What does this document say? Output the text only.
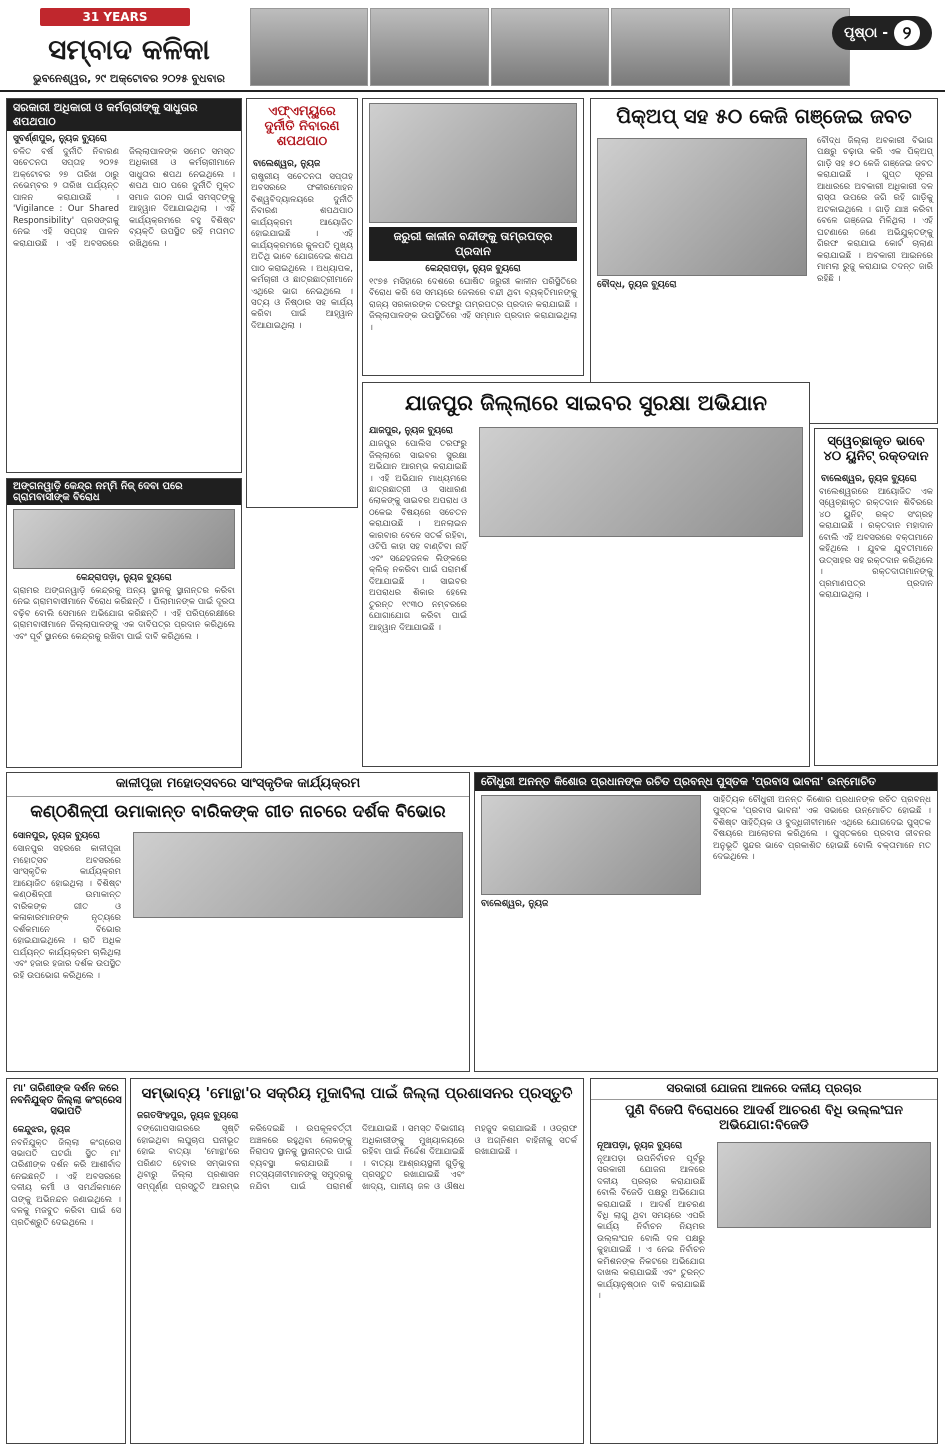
31 YEARS
ସମ୍ବାଦ କଳିକା
ଭୁବନେଶ୍ୱର, ୨୯ ଅକ୍ଟୋବର ୨୦୨୫ ବୁଧବାର
ପୃଷ୍ଠା - ୨
ସରକାରୀ ଅଧିକାରୀ ଓ କର୍ମଚାରୀଙ୍କୁ ସାଧୁତାର ଶପଥପାଠ
ସୁବର୍ଣ୍ଣପୁର, ନ୍ୟୁଜ ବ୍ୟୁରୋ
ଚଳିତ ବର୍ଷ ଦୁର୍ନୀତି ନିବାରଣ ସଚେତନତା ସପ୍ତାହ ୨୦୨୫ ଅକ୍ଟୋବର ୨୭ ତାରିଖ ଠାରୁ ନଭେମ୍ବର ୨ ତାରିଖ ପର୍ଯ୍ୟନ୍ତ ପାଳନ କରାଯାଉଛି । 'Vigilance : Our Shared Responsibility' ପ୍ରସଙ୍ଗକୁ ନେଇ ଏହି ସପ୍ତାହ ପାଳନ କରାଯାଉଛି । ଏହି ଅବସରରେ ଜିଲ୍ଲାପାଳଙ୍କ ସମେତ ସମସ୍ତ ଅଧିକାରୀ ଓ କର୍ମଚାରୀମାନେ ସାଧୁତାର ଶପଥ ନେଇଥିଲେ । ଶପଥ ପାଠ ପରେ ଦୁର୍ନୀତି ମୁକ୍ତ ସମାଜ ଗଠନ ପାଇଁ ସମସ୍ତଙ୍କୁ ଆହ୍ୱାନ ଦିଆଯାଇଥିଲା । ଏହି କାର୍ଯ୍ୟକ୍ରମରେ ବହୁ ବିଶିଷ୍ଟ ବ୍ୟକ୍ତି ଉପସ୍ଥିତ ରହି ମତାମତ ରଖିଥିଲେ ।
ଏଫ୍‌ଏମ୍‌ୟୁରେ ଦୁର୍ନୀତି ନିବାରଣ ଶପଥପାଠ
ବାଲେଶ୍ୱର, ନ୍ୟୁଜ
ରାଷ୍ଟ୍ରୀୟ ସଚେତନତା ସପ୍ତାହ ଅବସରରେ ଫକୀରମୋହନ ବିଶ୍ୱବିଦ୍ୟାଳୟରେ ଦୁର୍ନୀତି ନିବାରଣ ଶପଥପାଠ କାର୍ଯ୍ୟକ୍ରମ ଆୟୋଜିତ ହୋଇଯାଇଛି । ଏହି କାର୍ଯ୍ୟକ୍ରମରେ କୁଳପତି ମୁଖ୍ୟ ଅତିଥି ଭାବେ ଯୋଗଦେଇ ଶପଥ ପାଠ କରାଇଥିଲେ । ଅଧ୍ୟାପକ, କର୍ମଚାରୀ ଓ ଛାତ୍ରଛାତ୍ରୀମାନେ ଏଥିରେ ଭାଗ ନେଇଥିଲେ । ସତ୍ୟ ଓ ନିଷ୍ଠାର ସହ କାର୍ଯ୍ୟ କରିବା ପାଇଁ ଆହ୍ୱାନ ଦିଆଯାଇଥିଲା ।
ଜରୁରୀ କାଳୀନ ବନ୍ଦୀଙ୍କୁ ତାମ୍ରପତ୍ର ପ୍ରଦାନ
କେନ୍ଦ୍ରାପଡ଼ା, ନ୍ୟୁଜ ବ୍ୟୁରୋ
୧୯୭୫ ମସିହାରେ ଦେଶରେ ଘୋଷିତ ଜରୁରୀ କାଳୀନ ପରିସ୍ଥିତିରେ ବିରୋଧ କରି ସେ ସମୟରେ ଜେଲରେ ବନ୍ଦୀ ଥିବା ବ୍ୟକ୍ତିମାନଙ୍କୁ ରାଜ୍ୟ ସରକାରଙ୍କ ତରଫରୁ ତାମ୍ରପତ୍ର ପ୍ରଦାନ କରାଯାଇଛି । ଜିଲ୍ଲାପାଳଙ୍କ ଉପସ୍ଥିତିରେ ଏହି ସମ୍ମାନ ପ୍ରଦାନ କରାଯାଇଥିଲା ।
ପିକ୍‌ଅପ୍ ସହ ୫୦ କେଜି ଗଞ୍ଜେଇ ଜବତ
ବୌଦ୍ଧ, ନ୍ୟୁଜ ବ୍ୟୁରୋ
ବୌଦ୍ଧ ଜିଲ୍ଲା ଅବକାରୀ ବିଭାଗ ପକ୍ଷରୁ ଚଢ଼ାଉ କରି ଏକ ପିକ୍‌ଅପ୍ ଗାଡ଼ି ସହ ୫୦ କେଜି ଗଞ୍ଜେଇ ଜବତ କରାଯାଇଛି । ଗୁପ୍ତ ସୂଚନା ଆଧାରରେ ଅବକାରୀ ଅଧିକାରୀ ଦଳ ରାସ୍ତା ଉପରେ ଜଗି ରହି ଗାଡ଼ିକୁ ଅଟକାଇଥିଲେ । ଗାଡ଼ି ଯାଞ୍ଚ କରିବା ବେଳେ ଗଞ୍ଜେଇ ମିଳିଥିଲା । ଏହି ଘଟଣାରେ ଜଣେ ଅଭିଯୁକ୍ତଙ୍କୁ ଗିରଫ କରାଯାଇ କୋର୍ଟ ଚାଲାଣ କରାଯାଇଛି । ଅବକାରୀ ଆଇନରେ ମାମଲା ରୁଜୁ କରାଯାଇ ତଦନ୍ତ ଜାରି ରହିଛି ।
ଅଙ୍ଗନୱାଡ଼ି କେନ୍ଦ୍ର ନମ୍ମି ନିଜ୍ ଦେବା ପରେ ଗ୍ରାମବାସୀଙ୍କ ବିରୋଧ
କେନ୍ଦ୍ରାପଡ଼ା, ନ୍ୟୁଜ ବ୍ୟୁରୋ
ଗ୍ରାମର ଅଙ୍ଗନୱାଡ଼ି କେନ୍ଦ୍ରକୁ ଅନ୍ୟ ସ୍ଥାନକୁ ସ୍ଥାନାନ୍ତର କରିବା ନେଇ ଗ୍ରାମବାସୀମାନେ ବିରୋଧ କରିଛନ୍ତି । ପିଲାମାନଙ୍କ ପାଇଁ ଦୂରତା ବଢ଼ିବ ବୋଲି ସେମାନେ ଅଭିଯୋଗ କରିଛନ୍ତି । ଏହି ପରିପ୍ରେକ୍ଷୀରେ ଗ୍ରାମବାସୀମାନେ ଜିଲ୍ଲାପାଳଙ୍କୁ ଏକ ଦାବିପତ୍ର ପ୍ରଦାନ କରିଥିଲେ ଏବଂ ପୂର୍ବ ସ୍ଥାନରେ କେନ୍ଦ୍ରକୁ ରଖିବା ପାଇଁ ଦାବି କରିଥିଲେ ।
ଯାଜପୁର ଜିଲ୍ଲାରେ ସାଇବର ସୁରକ୍ଷା ଅଭିଯାନ
ଯାଜପୁର, ନ୍ୟୁଜ ବ୍ୟୁରୋ
ଯାଜପୁର ପୋଲିସ ତରଫରୁ ଜିଲ୍ଲାରେ ସାଇବର ସୁରକ୍ଷା ଅଭିଯାନ ଆରମ୍ଭ କରାଯାଇଛି । ଏହି ଅଭିଯାନ ମାଧ୍ୟମରେ ଛାତ୍ରଛାତ୍ରୀ ଓ ସାଧାରଣ ଲୋକଙ୍କୁ ସାଇବର ଅପରାଧ ଓ ଠକେଇ ବିଷୟରେ ସଚେତନ କରାଯାଉଛି । ଅନଲାଇନ କାରବାର ବେଳେ ସତର୍କ ରହିବା, ଓଟିପି କାହା ସହ ବାଣ୍ଟିବା ନାହିଁ ଏବଂ ସନ୍ଦେହଜନକ ଲିଙ୍କରେ କ୍ଲିକ୍ ନକରିବା ପାଇଁ ପରାମର୍ଶ ଦିଆଯାଇଛି । ସାଇବର ଅପରାଧର ଶିକାର ହେଲେ ତୁରନ୍ତ ୧୯୩୦ ନମ୍ବରରେ ଯୋଗାଯୋଗ କରିବା ପାଇଁ ଆହ୍ୱାନ ଦିଆଯାଇଛି ।
ସ୍ୱେଚ୍ଛାକୃତ ଭାବେ ୪୦ ୟୁନିଟ୍ ରକ୍ତଦାନ
ବାଲେଶ୍ୱର, ନ୍ୟୁଜ ବ୍ୟୁରୋ
ବାଲେଶ୍ୱରରେ ଆୟୋଜିତ ଏକ ସ୍ୱେଚ୍ଛାକୃତ ରକ୍ତଦାନ ଶିବିରରେ ୪୦ ୟୁନିଟ୍ ରକ୍ତ ସଂଗ୍ରହ କରାଯାଇଛି । ରକ୍ତଦାନ ମହାଦାନ ବୋଲି ଏହି ଅବସରରେ ବକ୍ତାମାନେ କହିଥିଲେ । ଯୁବକ ଯୁବତୀମାନେ ଉତ୍ସାହର ସହ ରକ୍ତଦାନ କରିଥିଲେ । ରକ୍ତଦାତାମାନଙ୍କୁ ପ୍ରମାଣପତ୍ର ପ୍ରଦାନ କରାଯାଇଥିଲା ।
କାଳୀପୂଜା ମହୋତ୍ସବରେ ସାଂସ୍କୃତିକ କାର୍ଯ୍ୟକ୍ରମ
କଣ୍ଠଶିଳ୍ପୀ ଉମାକାନ୍ତ ବାରିକଙ୍କ ଗୀତ ନାଚରେ ଦର୍ଶକ ବିଭୋର
ସୋନପୁର, ନ୍ୟୁଜ ବ୍ୟୁରୋ
ସୋନପୁର ସହରରେ କାଳୀପୂଜା ମହୋତ୍ସବ ଅବସରରେ ସାଂସ୍କୃତିକ କାର୍ଯ୍ୟକ୍ରମ ଆୟୋଜିତ ହୋଇଥିଲା । ବିଶିଷ୍ଟ କଣ୍ଠଶିଳ୍ପୀ ଉମାକାନ୍ତ ବାରିକଙ୍କ ଗୀତ ଓ କଳାକାରମାନଙ୍କ ନୃତ୍ୟରେ ଦର୍ଶକମାନେ ବିଭୋର ହୋଇଯାଇଥିଲେ । ରାତି ଅଧିକ ପର୍ଯ୍ୟନ୍ତ କାର୍ଯ୍ୟକ୍ରମ ଚାଲିଥିଲା ଏବଂ ହଜାର ହଜାର ଦର୍ଶକ ଉପସ୍ଥିତ ରହି ଉପଭୋଗ କରିଥିଲେ ।
ଚୌଧୁରୀ ଅନନ୍ତ କିଶୋର ପ୍ରଧାନଙ୍କ ରଚିତ ପ୍ରବନ୍ଧ ପୁସ୍ତକ 'ପ୍ରବାସ ଭାବନା' ଉନ୍ମୋଚିତ
ବାଲେଶ୍ୱର, ନ୍ୟୁଜ
ସାହିତ୍ୟିକ ଚୌଧୁରୀ ଅନନ୍ତ କିଶୋର ପ୍ରଧାନଙ୍କ ରଚିତ ପ୍ରବନ୍ଧ ପୁସ୍ତକ 'ପ୍ରବାସ ଭାବନା' ଏକ ସଭାରେ ଉନ୍ମୋଚିତ ହୋଇଛି । ବିଶିଷ୍ଟ ସାହିତ୍ୟିକ ଓ ବୁଦ୍ଧିଜୀବୀମାନେ ଏଥିରେ ଯୋଗଦେଇ ପୁସ୍ତକ ବିଷୟରେ ଆଲୋଚନା କରିଥିଲେ । ପୁସ୍ତକରେ ପ୍ରବାସ ଜୀବନର ଅନୁଭୂତି ସୁନ୍ଦର ଭାବେ ପ୍ରକାଶିତ ହୋଇଛି ବୋଲି ବକ୍ତାମାନେ ମତ ଦେଇଥିଲେ ।
ମା' ତାରିଣୀଙ୍କ ଦର୍ଶନ କରେ ନବନିଯୁକ୍ତ ଜିଲ୍ଲା କଂଗ୍ରେସ ସଭାପତି
କେନ୍ଦୁଝର, ନ୍ୟୁଜ
ନବନିଯୁକ୍ତ ଜିଲ୍ଲା କଂଗ୍ରେସ ସଭାପତି ଘଟଗାଁ ସ୍ଥିତ ମା' ତାରିଣୀଙ୍କ ଦର୍ଶନ କରି ଆଶୀର୍ବାଦ ନେଇଛନ୍ତି । ଏହି ଅବସରରେ ଦଳୀୟ କର୍ମୀ ଓ ସମର୍ଥକମାନେ ତାଙ୍କୁ ଅଭିନନ୍ଦନ ଜଣାଇଥିଲେ । ଦଳକୁ ମଜବୁତ କରିବା ପାଇଁ ସେ ପ୍ରତିଶ୍ରୁତି ଦେଇଥିଲେ ।
ସମ୍ଭାବ୍ୟ 'ମୋନ୍ଥା'ର ସକ୍ରିୟ ମୁକାବିଲା ପାଇଁ ଜିଲ୍ଲା ପ୍ରଶାସନର ପ୍ରସ୍ତୁତି
ଜଗତସିଂହପୁର, ନ୍ୟୁଜ ବ୍ୟୁରୋ
ବଙ୍ଗୋପସାଗରରେ ସୃଷ୍ଟି ହୋଇଥିବା ଲଘୁଚାପ ଘନୀଭୂତ ହୋଇ ବାତ୍ୟା 'ମୋନ୍ଥା'ରେ ପରିଣତ ହେବାର ସମ୍ଭାବନା ଥିବାରୁ ଜିଲ୍ଲା ପ୍ରଶାସନ ସମ୍ପୂର୍ଣ୍ଣ ପ୍ରସ୍ତୁତି ଆରମ୍ଭ କରିଦେଇଛି । ଉପକୂଳବର୍ତ୍ତୀ ଅଞ୍ଚଳରେ ରହୁଥିବା ଲୋକଙ୍କୁ ନିରାପଦ ସ୍ଥାନକୁ ସ୍ଥାନାନ୍ତର ପାଇଁ ବ୍ୟବସ୍ଥା କରାଯାଉଛି । ମତ୍ସ୍ୟଜୀବୀମାନଙ୍କୁ ସମୁଦ୍ରକୁ ନଯିବା ପାଇଁ ପରାମର୍ଶ ଦିଆଯାଇଛି । ସମସ୍ତ ବିଭାଗୀୟ ଅଧିକାରୀଙ୍କୁ ମୁଖ୍ୟାଳୟରେ ରହିବା ପାଇଁ ନିର୍ଦ୍ଦେଶ ଦିଆଯାଇଛି । ବାତ୍ୟା ଆଶ୍ରୟସ୍ଥଳୀ ଗୁଡ଼ିକୁ ପ୍ରସ୍ତୁତ ରଖାଯାଇଛି ଏବଂ ଖାଦ୍ୟ, ପାନୀୟ ଜଳ ଓ ଔଷଧ ମହଜୁଦ କରାଯାଇଛି । ଓଡ୍ରାଫ ଓ ଅଗ୍ନିଶମ ବାହିନୀକୁ ସତର୍କ ରଖାଯାଇଛି ।
ସରକାରୀ ଯୋଜନା ଆଳରେ ଦଳୀୟ ପ୍ରଚାର
ପୁଣି ବିଜେପି ବିରୋଧରେ ଆଦର୍ଶ ଆଚରଣ ବିଧି ଉଲ୍ଲଂଘନ ଅଭିଯୋଗ:ବିଜେଡି
ନୂଆପଡ଼ା, ନ୍ୟୁଜ ବ୍ୟୁରୋ
ନୂଆପଡ଼ା ଉପନିର୍ବାଚନ ପୂର୍ବରୁ ସରକାରୀ ଯୋଜନା ଆଳରେ ଦଳୀୟ ପ୍ରଚାର କରାଯାଉଛି ବୋଲି ବିଜେଡି ପକ୍ଷରୁ ଅଭିଯୋଗ କରାଯାଇଛି । ଆଦର୍ଶ ଆଚରଣ ବିଧି ଲାଗୁ ଥିବା ସମୟରେ ଏପରି କାର୍ଯ୍ୟ ନିର୍ବାଚନ ନିୟମର ଉଲ୍ଲଂଘନ ବୋଲି ଦଳ ପକ୍ଷରୁ କୁହାଯାଇଛି । ଏ ନେଇ ନିର୍ବାଚନ କମିଶନଙ୍କ ନିକଟରେ ଅଭିଯୋଗ ଦାଖଲ କରାଯାଇଛି ଏବଂ ତୁରନ୍ତ କାର୍ଯ୍ୟାନୁଷ୍ଠାନ ଦାବି କରାଯାଇଛି ।
